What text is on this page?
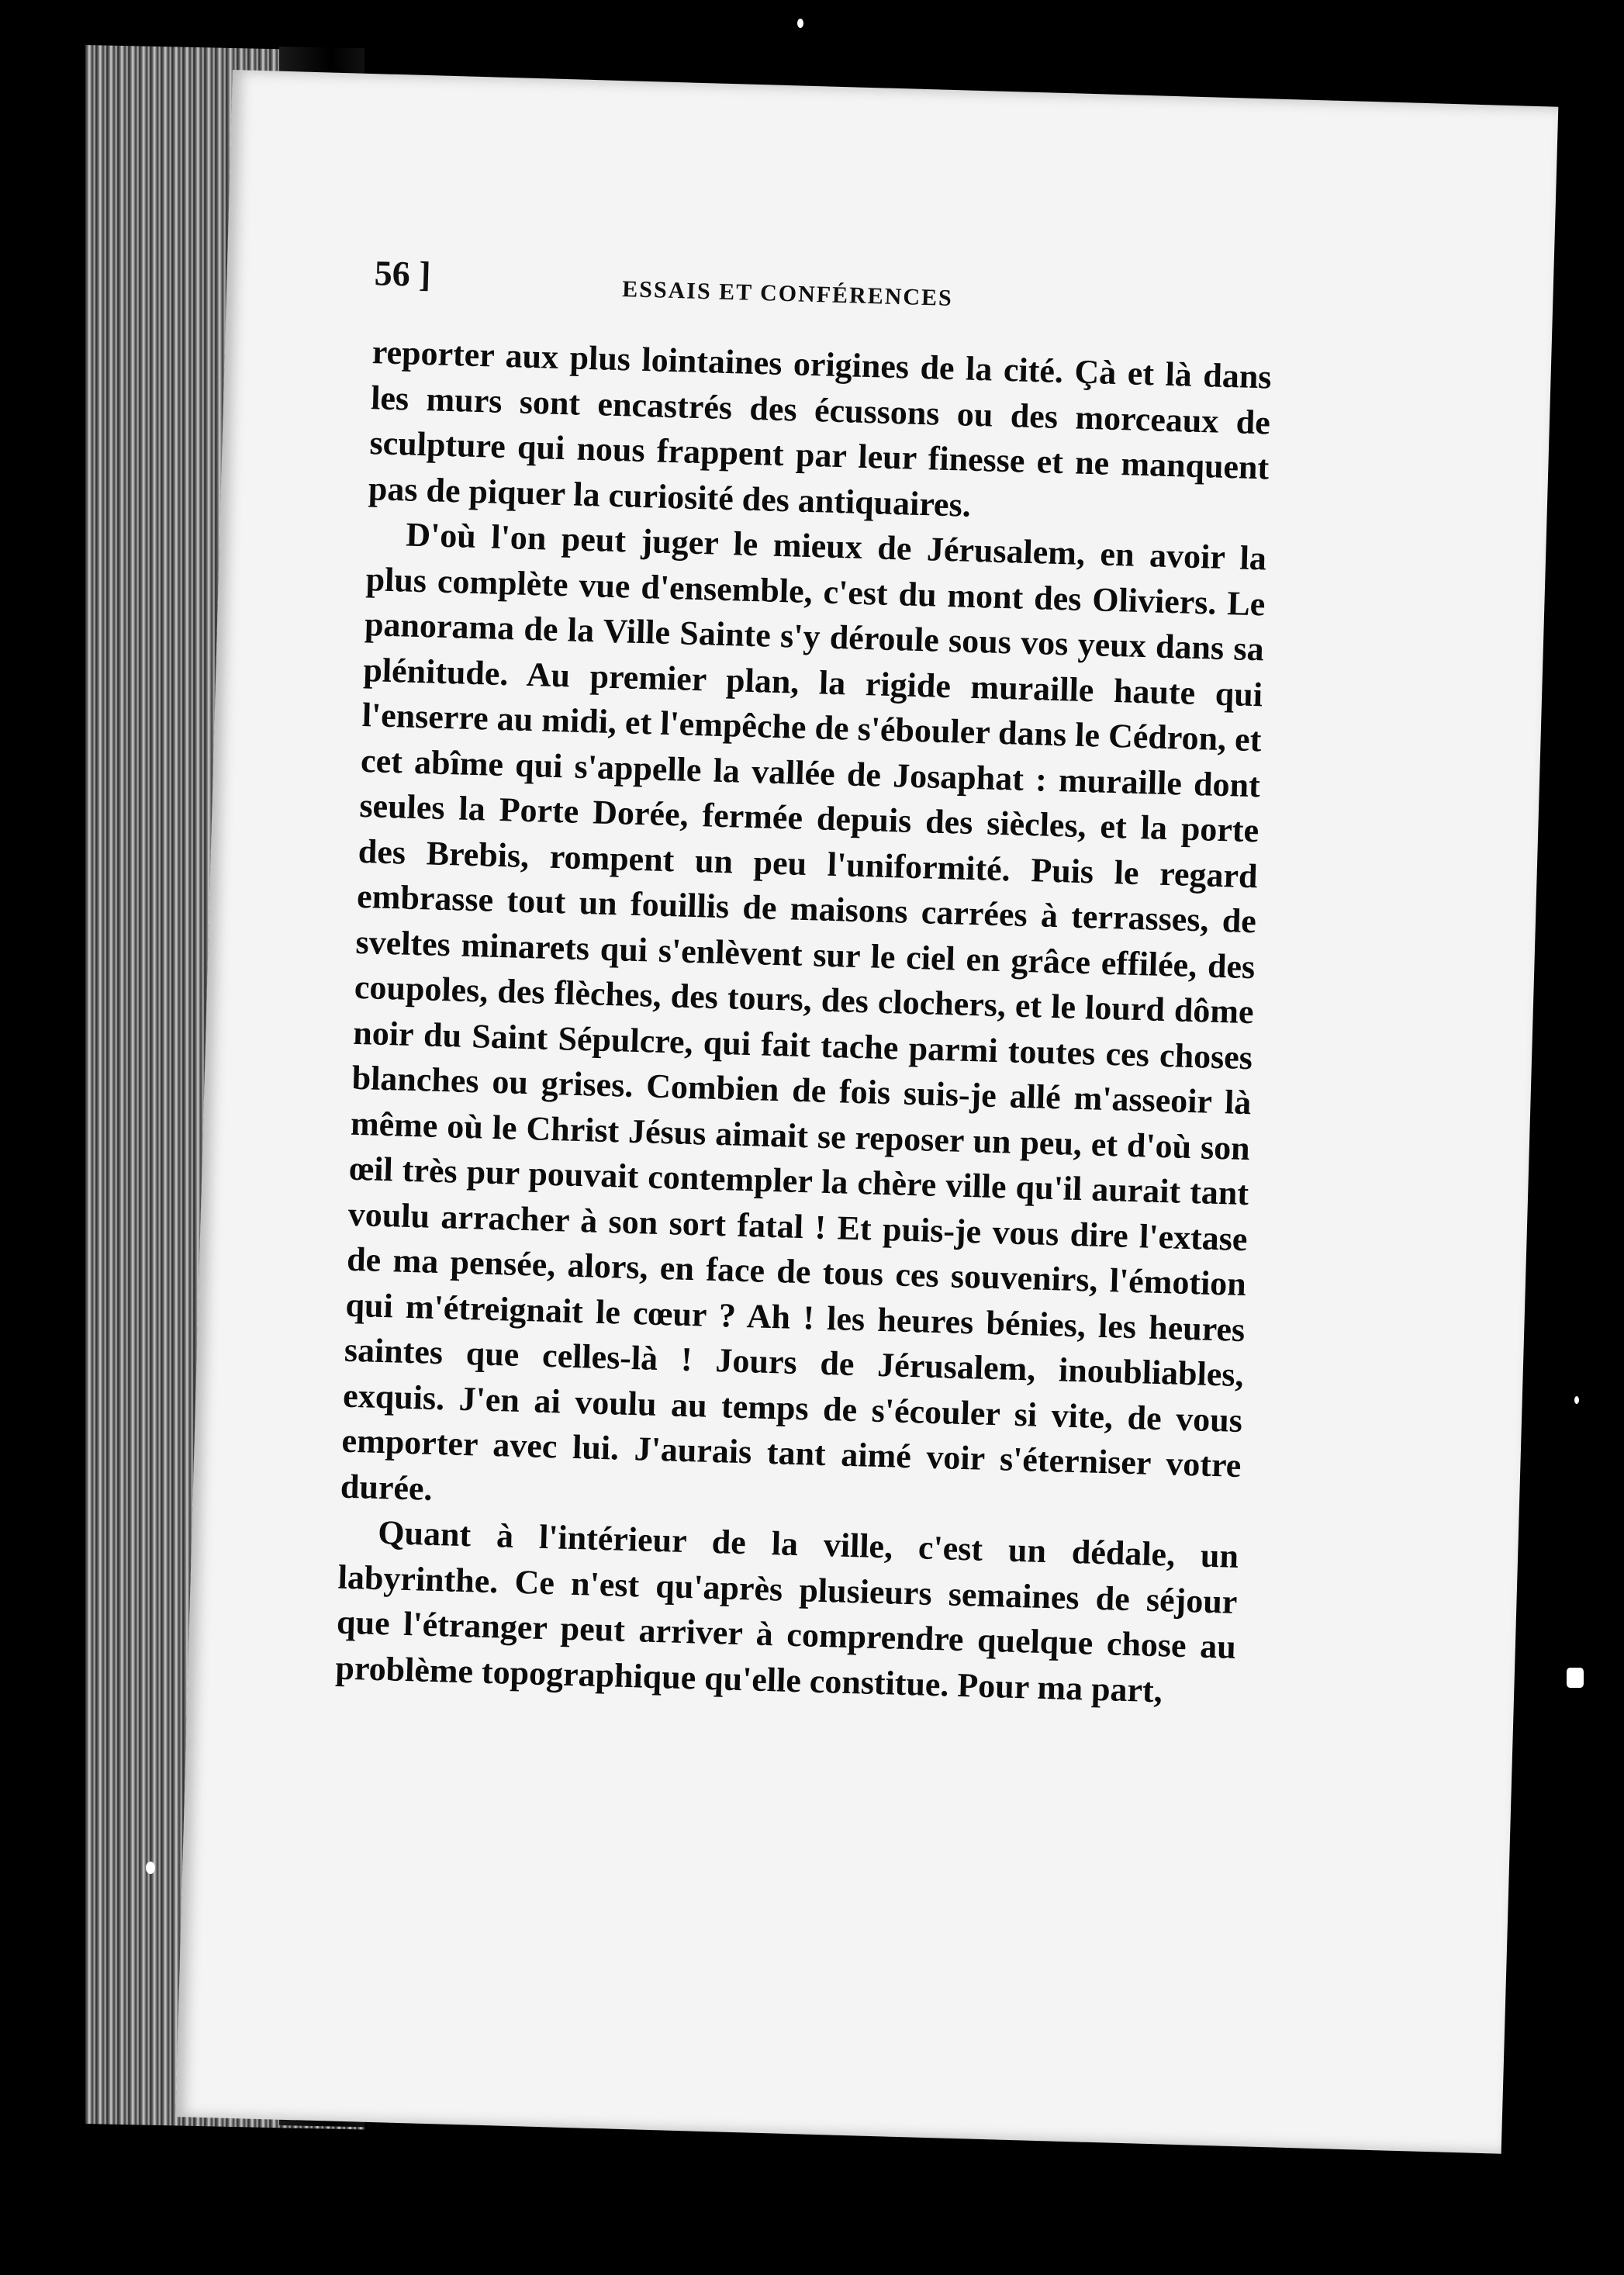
56 ]	ESSAIS ET CONFÉRENCES

reporter aux plus lointaines origines de la cité. Çà et là dans les murs sont encastrés des écussons ou des morceaux de sculpture qui nous frappent par leur finesse et ne manquent pas de piquer la curiosité des antiquaires.

D'où l'on peut juger le mieux de Jérusalem, en avoir la plus complète vue d'ensemble, c'est du mont des Oliviers. Le panorama de la Ville Sainte s'y déroule sous vos yeux dans sa plénitude. Au premier plan, la rigide muraille haute qui l'enserre au midi, et l'empêche de s'ébouler dans le Cédron, et cet abîme qui s'appelle la vallée de Josaphat : muraille dont seules la Porte Dorée, fermée depuis des siècles, et la porte des Brebis, rompent un peu l'uniformité. Puis le regard embrasse tout un fouillis de maisons carrées à terrasses, de sveltes minarets qui s'enlèvent sur le ciel en grâce effilée, des coupoles, des flèches, des tours, des clochers, et le lourd dôme noir du Saint Sépulcre, qui fait tache parmi toutes ces choses blanches ou grises. Combien de fois suis-je allé m'asseoir là même où le Christ Jésus aimait se reposer un peu, et d'où son œil très pur pouvait contempler la chère ville qu'il aurait tant voulu arracher à son sort fatal ! Et puis-je vous dire l'extase de ma pensée, alors, en face de tous ces souvenirs, l'émotion qui m'étreignait le cœur ? Ah ! les heures bénies, les heures saintes que celles-là ! Jours de Jérusalem, inoubliables, exquis. J'en ai voulu au temps de s'écouler si vite, de vous emporter avec lui. J'aurais tant aimé voir s'éterniser votre durée.

Quant à l'intérieur de la ville, c'est un dédale, un labyrinthe. Ce n'est qu'après plusieurs semaines de séjour que l'étranger peut arriver à comprendre quelque chose au problème topographique qu'elle constitue. Pour ma part,
